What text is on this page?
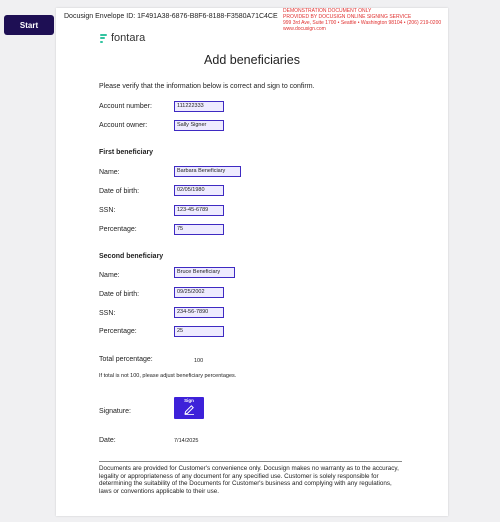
Start
Docusign Envelope ID: 1F491A38-6876-B8F6-8188-F3580A71C4CE
DEMONSTRATION DOCUMENT ONLY
PROVIDED BY DOCUSIGN ONLINE SIGNING SERVICE
999 3rd Ave, Suite 1700 • Seattle • Washington 98104 • (206) 219-0200
www.docusign.com
fontara
Add beneficiaries
Please verify that the information below is correct and sign to confirm.
Account number:	111222333
Account owner:	Sally Signer
First beneficiary
Name:	Barbara Beneficiary
Date of birth:	02/05/1980
SSN:	123-45-6789
Percentage:	75
Second beneficiary
Name:	Bruce Beneficiary
Date of birth:	09/25/2002
SSN:	234-56-7890
Percentage:	25
Total percentage:	100
If total is not 100, please adjust beneficiary percentages.
Signature:
Sign
Date:	7/14/2025
Documents are provided for Customer's convenience only. Docusign makes no warranty as to the accuracy, legality or appropriateness of any document for any specified use. Customer is solely responsible for determining the suitability of the Documents for Customer's business and complying with any regulations, laws or conventions applicable to their use.
